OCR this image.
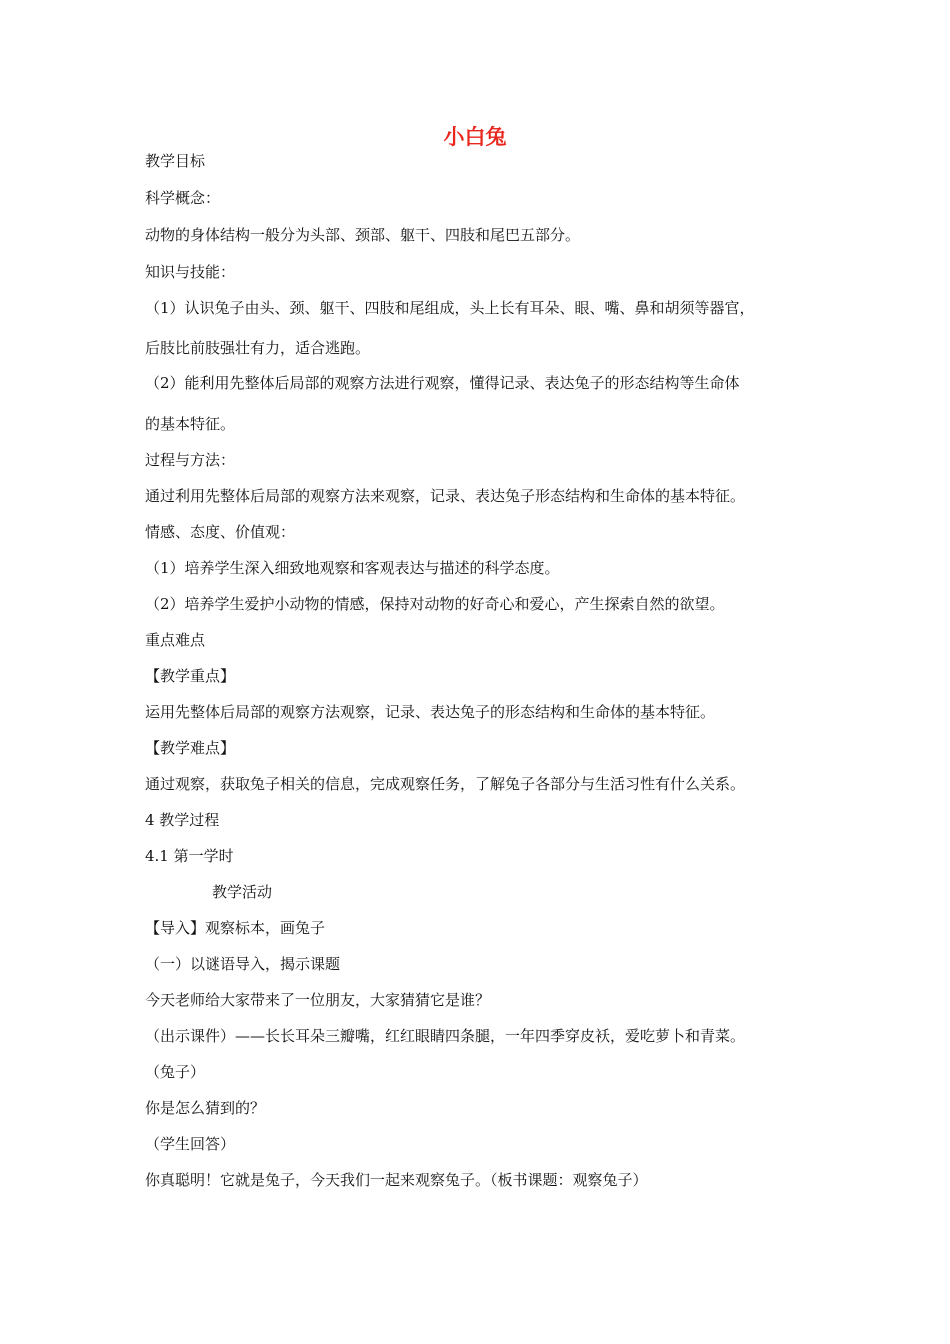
小白兔
教学目标
科学概念：
动物的身体结构一般分为头部、颈部、躯干、四肢和尾巴五部分。
知识与技能：
（1）认识兔子由头、颈、躯干、四肢和尾组成，头上长有耳朵、眼、嘴、鼻和胡须等器官，
后肢比前肢强壮有力，适合逃跑。
（2）能利用先整体后局部的观察方法进行观察，懂得记录、表达兔子的形态结构等生命体
的基本特征。
过程与方法：
通过利用先整体后局部的观察方法来观察，记录、表达兔子形态结构和生命体的基本特征。
情感、态度、价值观：
（1）培养学生深入细致地观察和客观表达与描述的科学态度。
（2）培养学生爱护小动物的情感，保持对动物的好奇心和爱心，产生探索自然的欲望。
重点难点
【教学重点】
运用先整体后局部的观察方法观察，记录、表达兔子的形态结构和生命体的基本特征。
【教学难点】
通过观察，获取兔子相关的信息，完成观察任务，了解兔子各部分与生活习性有什么关系。
4 教学过程
4.1 第一学时
教学活动
【导入】观察标本，画兔子
（一）以谜语导入，揭示课题
今天老师给大家带来了一位朋友，大家猜猜它是谁？
（出示课件）——长长耳朵三瓣嘴，红红眼睛四条腿，一年四季穿皮袄，爱吃萝卜和青菜。
（兔子）
你是怎么猜到的？
（学生回答）
你真聪明！它就是兔子，今天我们一起来观察兔子。（板书课题：观察兔子）
